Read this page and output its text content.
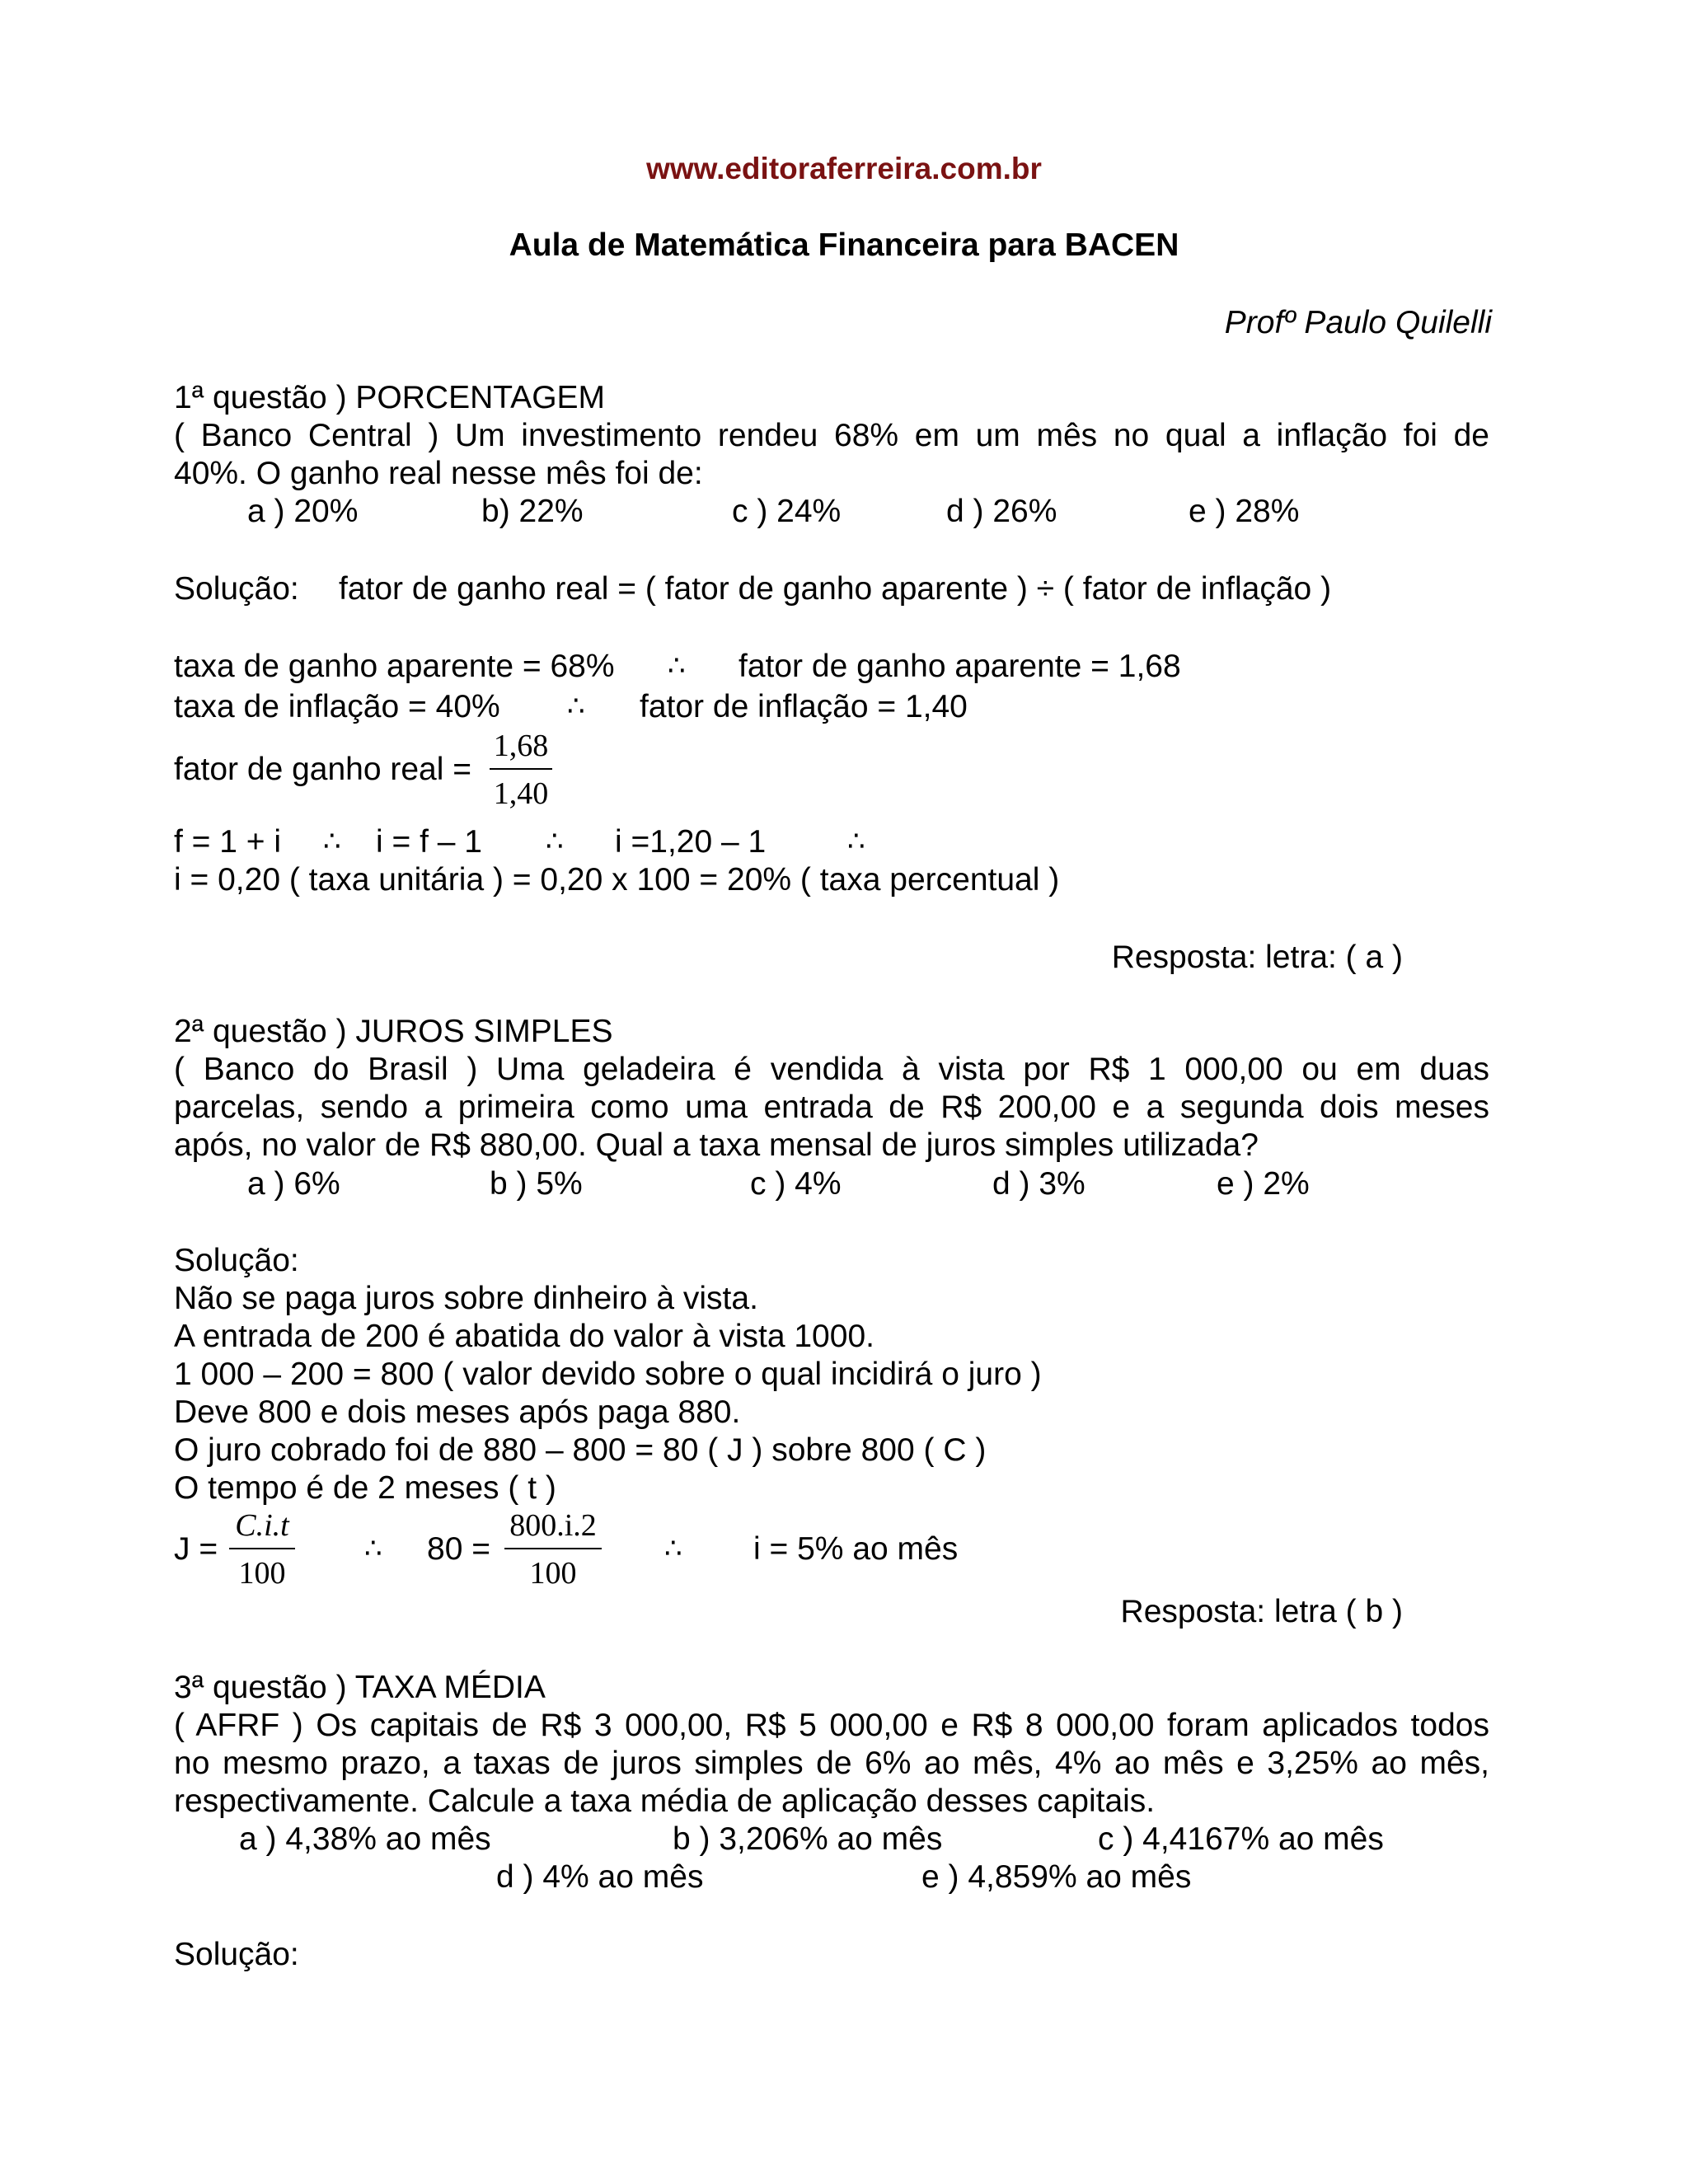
www.editoraferreira.com.br
Aula de Matemática Financeira para BACEN
Profº Paulo Quilelli
1ª questão ) PORCENTAGEM
( Banco Central ) Um investimento rendeu 68% em um mês no qual a inflação foi de
40%. O ganho real nesse mês foi de:
a ) 20%	b) 22%	c ) 24%	d ) 26%	e ) 28%
Solução: fator de ganho real = ( fator de ganho aparente ) ÷ ( fator de inflação )
taxa de ganho aparente = 68% ∴ fator de ganho aparente = 1,68
taxa de inflação = 40% ∴ fator de inflação = 1,40
fator de ganho real =
1,68
1,40
f = 1 + i ∴ i = f – 1 ∴ i =1,20 – 1	∴
i = 0,20 ( taxa unitária ) = 0,20 x 100 = 20% ( taxa percentual )
Resposta: letra: ( a )
2ª questão ) JUROS SIMPLES
( Banco do Brasil ) Uma geladeira é vendida à vista por R$ 1 000,00 ou em duas
parcelas, sendo a primeira como uma entrada de R$ 200,00 e a segunda dois meses
após, no valor de R$ 880,00. Qual a taxa mensal de juros simples utilizada?
a ) 6%	b ) 5%	c ) 4%	d ) 3%	e ) 2%
Solução:
Não se paga juros sobre dinheiro à vista.
A entrada de 200 é abatida do valor à vista 1000.
1 000 – 200 = 800 ( valor devido sobre o qual incidirá o juro )
Deve 800 e dois meses após paga 880.
O juro cobrado foi de 880 – 800 = 80 ( J ) sobre 800 ( C )
O tempo é de 2 meses ( t )
J =
C.i.t
100
∴ 80 =
800.i.2
100
∴ i = 5% ao mês
Resposta: letra ( b )
3ª questão ) TAXA MÉDIA
( AFRF ) Os capitais de R$ 3 000,00, R$ 5 000,00 e R$ 8 000,00 foram aplicados todos
no mesmo prazo, a taxas de juros simples de 6% ao mês, 4% ao mês e 3,25% ao mês,
respectivamente. Calcule a taxa média de aplicação desses capitais.
a ) 4,38% ao mês	b ) 3,206% ao mês	c ) 4,4167% ao mês
d ) 4% ao mês	e ) 4,859% ao mês
Solução:
